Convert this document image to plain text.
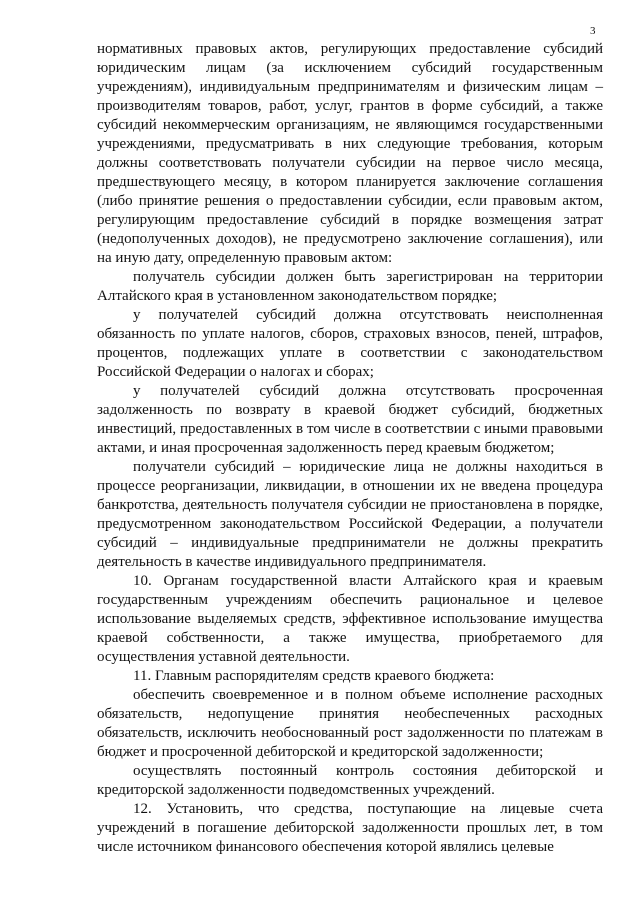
3

нормативных правовых актов, регулирующих предоставление субсидий юридическим лицам (за исключением субсидий государственным учреждениям), индивидуальным предпринимателям и физическим лицам – производителям товаров, работ, услуг, грантов в форме субсидий, а также субсидий некоммерческим организациям, не являющимся государственными учреждениями, предусматривать в них следующие требования, которым должны соответствовать получатели субсидии на первое число месяца, предшествующего месяцу, в котором планируется заключение соглашения (либо принятие решения о предоставлении субсидии, если правовым актом, регулирующим предоставление субсидий в порядке возмещения затрат (недополученных доходов), не предусмотрено заключение соглашения), или на иную дату, определенную правовым актом:

получатель субсидии должен быть зарегистрирован на территории Алтайского края в установленном законодательством порядке;

у получателей субсидий должна отсутствовать неисполненная обязанность по уплате налогов, сборов, страховых взносов, пеней, штрафов, процентов, подлежащих уплате в соответствии с законодательством Российской Федерации о налогах и сборах;

у получателей субсидий должна отсутствовать просроченная задолженность по возврату в краевой бюджет субсидий, бюджетных инвестиций, предоставленных в том числе в соответствии с иными правовыми актами, и иная просроченная задолженность перед краевым бюджетом;

получатели субсидий – юридические лица не должны находиться в процессе реорганизации, ликвидации, в отношении их не введена процедура банкротства, деятельность получателя субсидии не приостановлена в порядке, предусмотренном законодательством Российской Федерации, а получатели субсидий – индивидуальные предприниматели не должны прекратить деятельность в качестве индивидуального предпринимателя.

10. Органам государственной власти Алтайского края и краевым государственным учреждениям обеспечить рациональное и целевое использование выделяемых средств, эффективное использование имущества краевой собственности, а также имущества, приобретаемого для осуществления уставной деятельности.

11. Главным распорядителям средств краевого бюджета:

обеспечить своевременное и в полном объеме исполнение расходных обязательств, недопущение принятия необеспеченных расходных обязательств, исключить необоснованный рост задолженности по платежам в бюджет и просроченной дебиторской и кредиторской задолженности;

осуществлять постоянный контроль состояния дебиторской и кредиторской задолженности подведомственных учреждений.

12. Установить, что средства, поступающие на лицевые счета учреждений в погашение дебиторской задолженности прошлых лет, в том числе источником финансового обеспечения которой являлись целевые
